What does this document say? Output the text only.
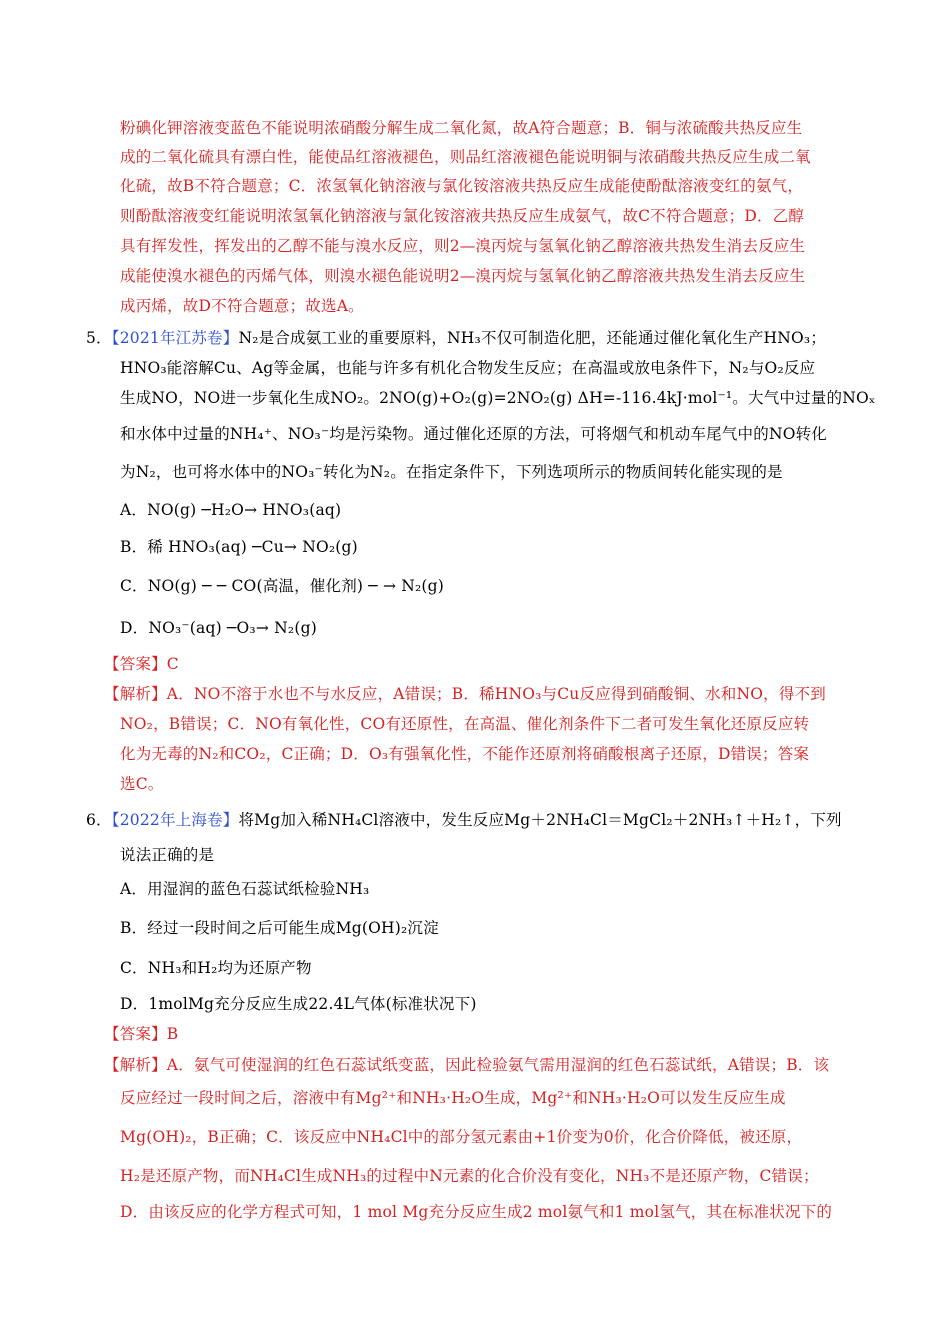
粉碘化钾溶液变蓝色不能说明浓硝酸分解生成二氧化氮，故A符合题意；B．铜与浓硫酸共热反应生
成的二氧化硫具有漂白性，能使品红溶液褪色，则品红溶液褪色能说明铜与浓硝酸共热反应生成二氧
化硫，故B不符合题意；C．浓氢氧化钠溶液与氯化铵溶液共热反应生成能使酚酞溶液变红的氨气，
则酚酞溶液变红能说明浓氢氧化钠溶液与氯化铵溶液共热反应生成氨气，故C不符合题意；D．乙醇
具有挥发性，挥发出的乙醇不能与溴水反应，则2—溴丙烷与氢氧化钠乙醇溶液共热发生消去反应生
成能使溴水褪色的丙烯气体，则溴水褪色能说明2—溴丙烷与氢氧化钠乙醇溶液共热发生消去反应生
成丙烯，故D不符合题意；故选A。
5．【2021年江苏卷】N₂是合成氨工业的重要原料，NH₃不仅可制造化肥，还能通过催化氧化生产HNO₃；
HNO₃能溶解Cu、Ag等金属，也能与许多有机化合物发生反应；在高温或放电条件下，N₂与O₂反应
生成NO，NO进一步氧化生成NO₂。2NO(g)+O₂(g)=2NO₂(g) ΔH=-116.4kJ·mol⁻¹。大气中过量的NOₓ
和水体中过量的NH₄⁺、NO₃⁻均是污染物。通过催化还原的方法，可将烟气和机动车尾气中的NO转化
为N₂，也可将水体中的NO₃⁻转化为N₂。在指定条件下，下列选项所示的物质间转化能实现的是
A．NO(g) ─H₂O→ HNO₃(aq)
B．稀 HNO₃(aq) ─Cu→ NO₂(g)
C．NO(g) ─ ─ CO(高温，催化剂) ─ → N₂(g)
D．NO₃⁻(aq) ─O₃→ N₂(g)
【答案】C
【解析】A．NO不溶于水也不与水反应，A错误；B．稀HNO₃与Cu反应得到硝酸铜、水和NO，得不到
NO₂，B错误；C．NO有氧化性，CO有还原性，在高温、催化剂条件下二者可发生氧化还原反应转
化为无毒的N₂和CO₂，C正确；D．O₃有强氧化性，不能作还原剂将硝酸根离子还原，D错误；答案
选C。
6．【2022年上海卷】将Mg加入稀NH₄Cl溶液中，发生反应Mg＋2NH₄Cl＝MgCl₂＋2NH₃↑＋H₂↑，下列
说法正确的是
A．用湿润的蓝色石蕊试纸检验NH₃
B．经过一段时间之后可能生成Mg(OH)₂沉淀
C．NH₃和H₂均为还原产物
D．1molMg充分反应生成22.4L气体(标准状况下)
【答案】B
【解析】A．氨气可使湿润的红色石蕊试纸变蓝，因此检验氨气需用湿润的红色石蕊试纸，A错误；B．该
反应经过一段时间之后，溶液中有Mg²⁺和NH₃·H₂O生成，Mg²⁺和NH₃·H₂O可以发生反应生成
Mg(OH)₂，B正确；C．该反应中NH₄Cl中的部分氢元素由+1价变为0价，化合价降低，被还原，
H₂是还原产物，而NH₄Cl生成NH₃的过程中N元素的化合价没有变化，NH₃不是还原产物，C错误；
D．由该反应的化学方程式可知，1 mol Mg充分反应生成2 mol氨气和1 mol氢气，其在标准状况下的
